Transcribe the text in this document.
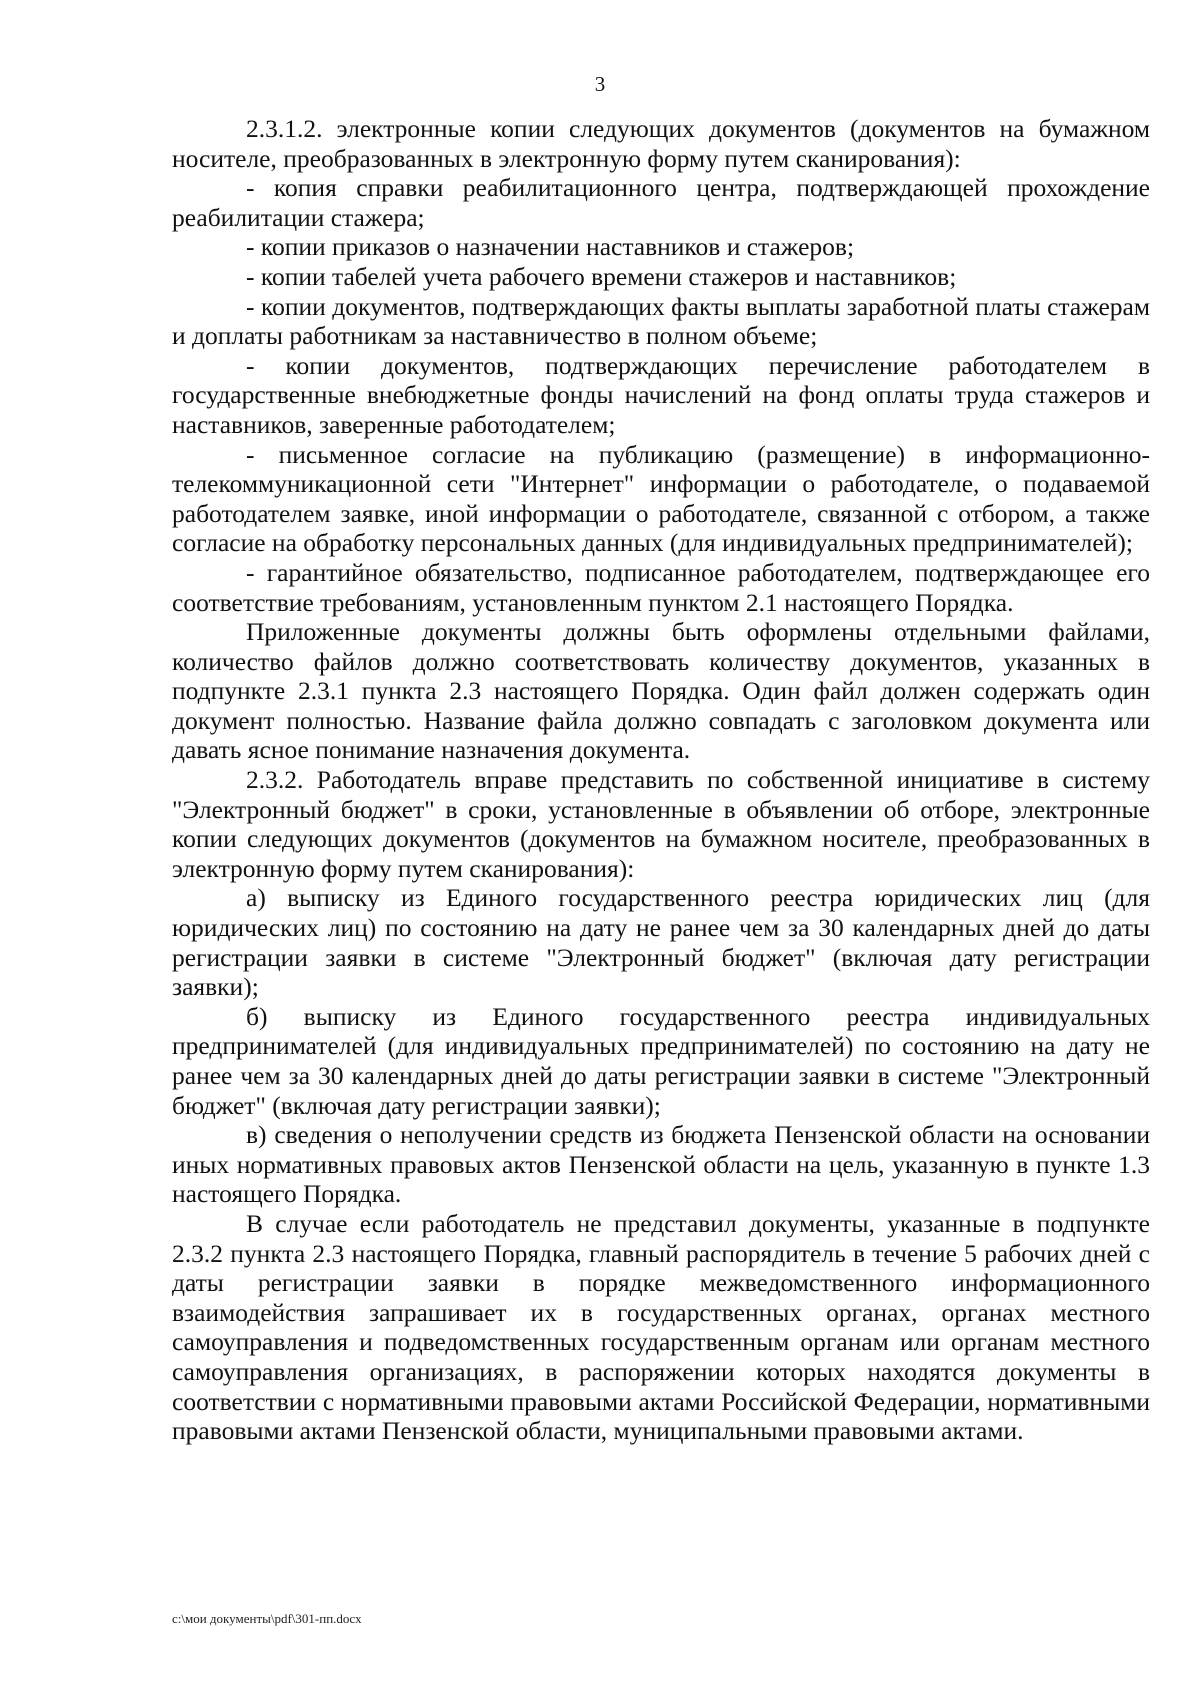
3

2.3.1.2. электронные копии следующих документов (документов на бумажном носителе, преобразованных в электронную форму путем сканирования):

- копия справки реабилитационного центра, подтверждающей прохождение реабилитации стажера;

- копии приказов о назначении наставников и стажеров;

- копии табелей учета рабочего времени стажеров и наставников;

- копии документов, подтверждающих факты выплаты заработной платы стажерам и доплаты работникам за наставничество в полном объеме;

- копии документов, подтверждающих перечисление работодателем в государственные внебюджетные фонды начислений на фонд оплаты труда стажеров и наставников, заверенные работодателем;

- письменное согласие на публикацию (размещение) в информационно-телекоммуникационной сети "Интернет" информации о работодателе, о подаваемой работодателем заявке, иной информации о работодателе, связанной с отбором, а также согласие на обработку персональных данных (для индивидуальных предпринимателей);

- гарантийное обязательство, подписанное работодателем, подтверждающее его соответствие требованиям, установленным пунктом 2.1 настоящего Порядка.

Приложенные документы должны быть оформлены отдельными файлами, количество файлов должно соответствовать количеству документов, указанных в подпункте 2.3.1 пункта 2.3 настоящего Порядка. Один файл должен содержать один документ полностью. Название файла должно совпадать с заголовком документа или давать ясное понимание назначения документа.

2.3.2. Работодатель вправе представить по собственной инициативе в систему "Электронный бюджет" в сроки, установленные в объявлении об отборе, электронные копии следующих документов (документов на бумажном носителе, преобразованных в электронную форму путем сканирования):

а) выписку из Единого государственного реестра юридических лиц (для юридических лиц) по состоянию на дату не ранее чем за 30 календарных дней до даты регистрации заявки в системе "Электронный бюджет" (включая дату регистрации заявки);

б) выписку из Единого государственного реестра индивидуальных предпринимателей (для индивидуальных предпринимателей) по состоянию на дату не ранее чем за 30 календарных дней до даты регистрации заявки в системе "Электронный бюджет" (включая дату регистрации заявки);

в) сведения о неполучении средств из бюджета Пензенской области на основании иных нормативных правовых актов Пензенской области на цель, указанную в пункте 1.3 настоящего Порядка.

В случае если работодатель не представил документы, указанные в подпункте 2.3.2 пункта 2.3 настоящего Порядка, главный распорядитель в течение 5 рабочих дней с даты регистрации заявки в порядке межведомственного информационного взаимодействия запрашивает их в государственных органах, органах местного самоуправления и подведомственных государственным органам или органам местного самоуправления организациях, в распоряжении которых находятся документы в соответствии с нормативными правовыми актами Российской Федерации, нормативными правовыми актами Пензенской области, муниципальными правовыми актами.

c:\мои документы\pdf\301-пп.docx
